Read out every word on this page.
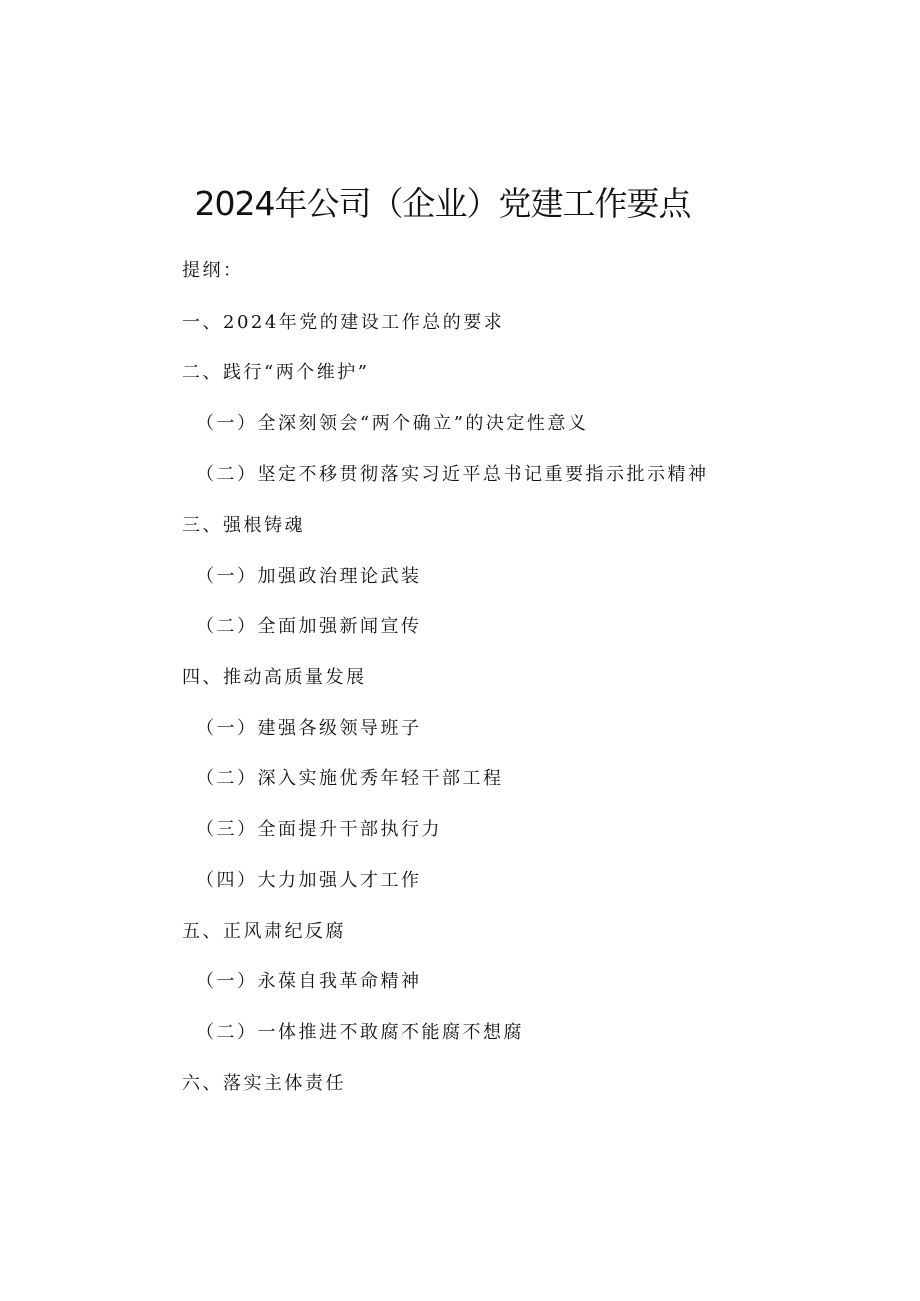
2024年公司（企业）党建工作要点
提纲：
一、2024年党的建设工作总的要求
二、践行“两个维护”
（一）全深刻领会“两个确立”的决定性意义
（二）坚定不移贯彻落实习近平总书记重要指示批示精神
三、强根铸魂
（一）加强政治理论武装
（二）全面加强新闻宣传
四、推动高质量发展
（一）建强各级领导班子
（二）深入实施优秀年轻干部工程
（三）全面提升干部执行力
（四）大力加强人才工作
五、正风肃纪反腐
（一）永葆自我革命精神
（二）一体推进不敢腐不能腐不想腐
六、落实主体责任
